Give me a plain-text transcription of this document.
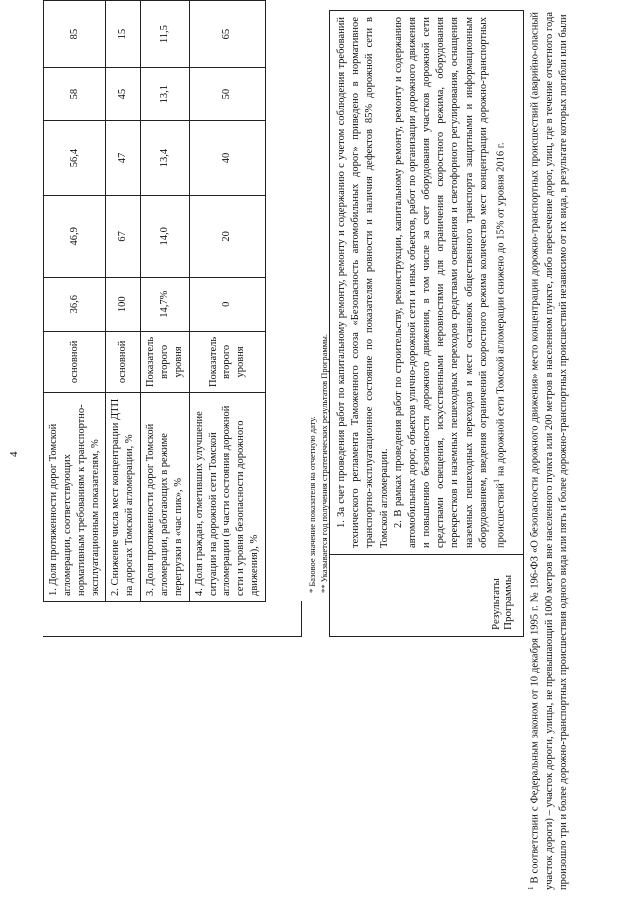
4	1. Доля протяженности дорог Томской агломерации, соответствующих нормативным требованиям к транспортно-эксплуатационным показателям, %	основной	36,6	46,9	56,4	58	85
2. Снижение числа мест концентрации ДТП на дорогах Томской агломерации, %	основной	100	67	47	45	15
3. Доля протяженности дорог Томской агломерации, работающих в режиме перегрузки в «час пик», %	Показатель второго уровня	14,7%	14,0	13,4	13,1	11,5
4. Доля граждан, отметивших улучшение ситуации на дорожной сети Томской агломерации (в части состояния дорожной сети и уровня безопасности дорожного движения), %	Показатель второго уровня	0	20	40	50	65
* Базовое значение показателя на отчетную дату. ** Указывается год получения стратегических результатов Программы.
Результаты Программы

1. За счет проведения работ по капитальному ремонту, ремонту и содержанию с учетом соблюдения требований технического регламента Таможенного союза «Безопасность автомобильных дорог» приведено в нормативное транспортно-эксплуатационное состояние по показателям ровности и наличия дефектов 85% дорожной сети в Томской агломерации. 2. В рамках проведения работ по строительству, реконструкции, капитальному ремонту, ремонту и содержанию автомобильных дорог, объектов улично-дорожной сети и иных объектов, работ по организации дорожного движения и повышению безопасности дорожного движения, в том числе за счет оборудования участков дорожной сети средствами освещения, искусственными неровностями для ограничения скоростного режима, оборудования перекрестков и наземных пешеходных переходов средствами освещения и светофорного регулирования, оснащения наземных пешеходных переходов и мест остановок общественного транспорта защитными и информационным оборудованием, введения ограничений скоростного режима количество мест концентрации дорожно-транспортных происшествий$^1$ на дорожной сети Томской агломерации снижено до 15% от уровня 2016 г.

$^1$ В соответствии с Федеральным законом от 10 декабря 1995 г. № 196-ФЗ «О безопасности дорожного движения» место концентрации дорожно-транспортных происшествий (аварийно-опасный участок дороги) – участок дороги, улицы, не превышающий 1000 метров вне населенного пункта или 200 метров в населенном пункте, либо пересечение дорог, улиц, где в течение отчетного года произошло три и более дорожно-транспортных происшествия одного вида или пять и более дорожно-транспортных происшествий независимо от их вида, в результате которых погибли или были
